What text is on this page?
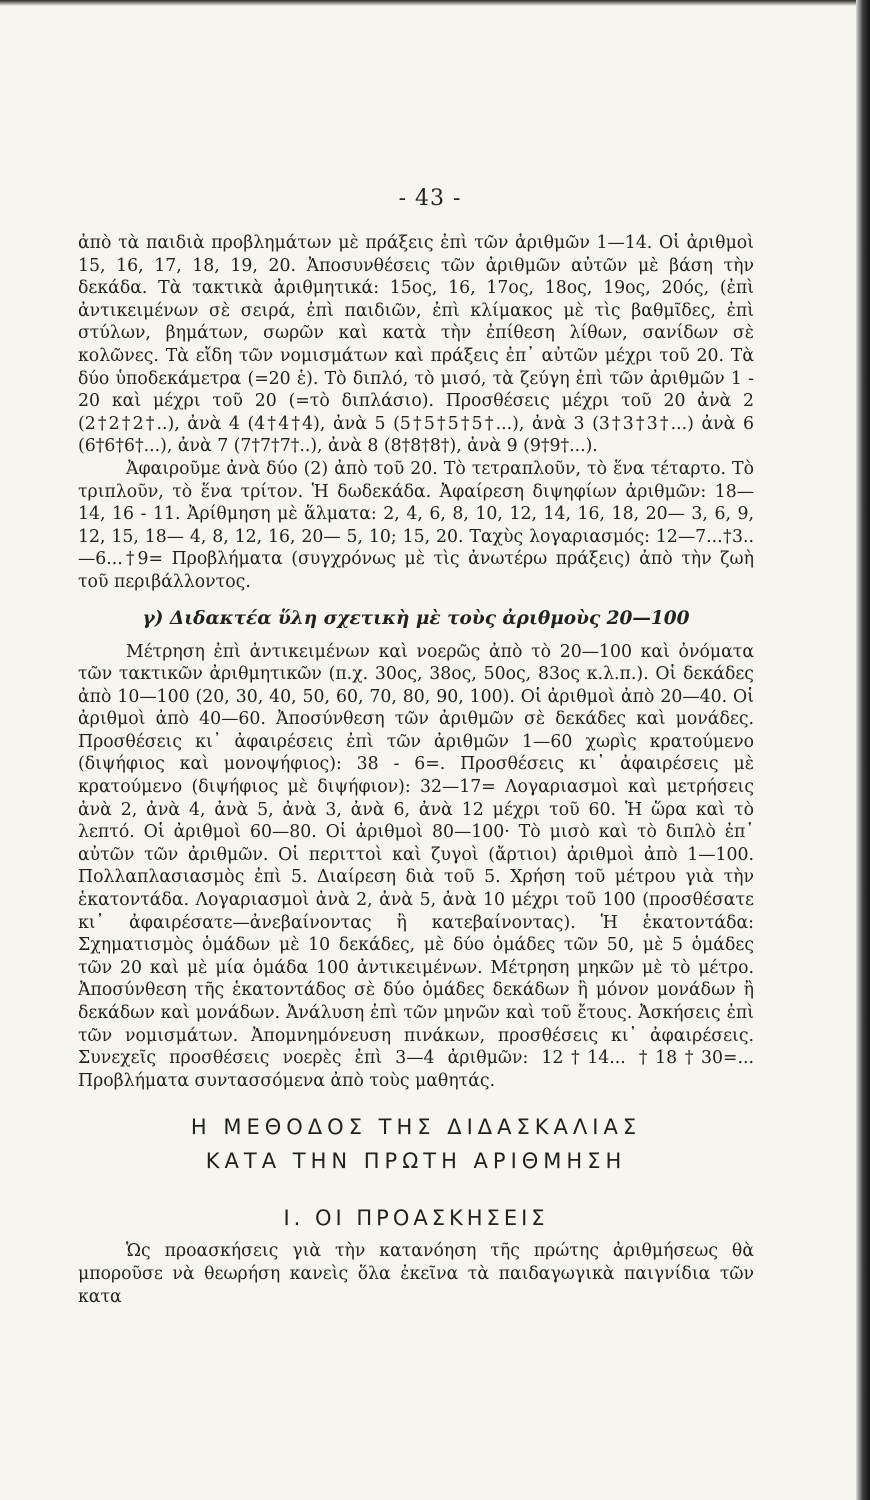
- 43 -

ἀπὸ τὰ παιδιὰ προβλημάτων μὲ πράξεις ἐπὶ τῶν ἀριθμῶν 1—14. Οἱ ἀριθμοὶ 15, 16, 17, 18, 19, 20. Ἀποσυνθέσεις τῶν ἀριθμῶν αὐτῶν μὲ βάση τὴν δεκάδα. Τὰ τακτικὰ ἀριθμητικά: 15ος, 16, 17ος, 18ος, 19ος, 20ός, (ἐπὶ ἀντικειμένων σὲ σειρά, ἐπὶ παιδιῶν, ἐπὶ κλίμακος μὲ τὶς βαθμῖδες, ἐπὶ στύλων, βημάτων, σωρῶν καὶ κατὰ τὴν ἐπίθεση λίθων, σανίδων σὲ κολῶνες. Τὰ εἴδη τῶν νομισμάτων καὶ πράξεις ἐπ᾿ αὐτῶν μέχρι τοῦ 20. Τὰ δύο ὑποδεκάμετρα (=20 ἑ). Τὸ διπλό, τὸ μισό, τὰ ζεύγη ἐπὶ τῶν ἀριθμῶν 1 - 20 καὶ μέχρι τοῦ 20 (=τὸ διπλάσιο). Προσθέσεις μέχρι τοῦ 20 ἀνὰ 2 (2†2†2†..), ἀνὰ 4 (4†4†4), ἀνὰ 5 (5†5†5†5†...), ἀνὰ 3 (3†3†3†...) ἀνὰ 6 (6†6†6†...), ἀνὰ 7 (7†7†7†..), ἀνὰ 8 (8†8†8†), ἀνὰ 9 (9†9†...).

Ἀφαιροῦμε ἀνὰ δύο (2) ἀπὸ τοῦ 20. Τὸ τετραπλοῦν, τὸ ἕνα τέταρτο. Τὸ τριπλοῦν, τὸ ἕνα τρίτον. Ἡ δωδεκάδα. Ἀφαίρεση διψηφίων ἀριθμῶν: 18—14, 16 - 11. Ἀρίθμηση μὲ ἅλματα: 2, 4, 6, 8, 10, 12, 14, 16, 18, 20— 3, 6, 9, 12, 15, 18— 4, 8, 12, 16, 20— 5, 10; 15, 20. Ταχὺς λογαριασμός: 12—7...†3.. —6...†9= Προβλήματα (συγχρόνως μὲ τὶς ἀνωτέρω πράξεις) ἀπὸ τὴν ζωὴ τοῦ περιβάλλοντος.

γ) Διδακτέα ὕλη σχετικὴ μὲ τοὺς ἀριθμοὺς 20—100

Μέτρηση ἐπὶ ἀντικειμένων καὶ νοερῶς ἀπὸ τὸ 20—100 καὶ ὀνόματα τῶν τακτικῶν ἀριθμητικῶν (π.χ. 30ος, 38ος, 50ος, 83ος κ.λ.π.). Οἱ δεκάδες ἀπὸ 10—100 (20, 30, 40, 50, 60, 70, 80, 90, 100). Οἱ ἀριθμοὶ ἀπὸ 20—40. Οἱ ἀριθμοὶ ἀπὸ 40—60. Ἀποσύνθεση τῶν ἀριθμῶν σὲ δεκάδες καὶ μονάδες. Προσθέσεις κι᾿ ἀφαιρέσεις ἐπὶ τῶν ἀριθμῶν 1—60 χωρὶς κρατούμενο (διψήφιος καὶ μονοψήφιος): 38 - 6=. Προσθέσεις κι᾿ ἀφαιρέσεις μὲ κρατούμενο (διψήφιος μὲ διψήφιον): 32—17= Λογαριασμοὶ καὶ μετρήσεις ἀνὰ 2, ἀνὰ 4, ἀνὰ 5, ἀνὰ 3, ἀνὰ 6, ἀνὰ 12 μέχρι τοῦ 60. Ἡ ὥρα καὶ τὸ λεπτό. Οἱ ἀριθμοὶ 60—80. Οἱ ἀριθμοὶ 80—100· Τὸ μισὸ καὶ τὸ διπλὸ ἐπ᾿ αὐτῶν τῶν ἀριθμῶν. Οἱ περιττοὶ καὶ ζυγοὶ (ἄρτιοι) ἀριθμοὶ ἀπὸ 1—100. Πολλαπλασιασμὸς ἐπὶ 5. Διαίρεση διὰ τοῦ 5. Χρήση τοῦ μέτρου γιὰ τὴν ἑκατοντάδα. Λογαριασμοὶ ἀνὰ 2, ἀνὰ 5, ἀνὰ 10 μέχρι τοῦ 100 (προσθέσατε κι᾿ ἀφαιρέσατε—ἀνεβαίνοντας ἢ κατεβαίνοντας). Ἡ ἑκατοντάδα: Σχηματισμὸς ὁμάδων μὲ 10 δεκάδες, μὲ δύο ὁμάδες τῶν 50, μὲ 5 ὁμάδες τῶν 20 καὶ μὲ μία ὁμάδα 100 ἀντικειμένων. Μέτρηση μηκῶν μὲ τὸ μέτρο. Ἀποσύνθεση τῆς ἑκατοντάδος σὲ δύο ὁμάδες δεκάδων ἢ μόνον μονάδων ἢ δεκάδων καὶ μονάδων. Ἀνάλυση ἐπὶ τῶν μηνῶν καὶ τοῦ ἔτους. Ἀσκήσεις ἐπὶ τῶν νομισμάτων. Ἀπομνημόνευση πινάκων, προσθέσεις κι᾿ ἀφαιρέσεις. Συνεχεῖς προσθέσεις νοερὲς ἐπὶ 3—4 ἀριθμῶν: 12†14... †18†30=... Προβλήματα συντασσόμενα ἀπὸ τοὺς μαθητάς.

Η ΜΕΘΟΔΟΣ ΤΗΣ ΔΙΔΑΣΚΑΛΙΑΣ
ΚΑΤΑ ΤΗΝ ΠΡΩΤΗ ΑΡΙΘΜΗΣΗ
Ι. ΟΙ ΠΡΟΑΣΚΗΣΕΙΣ

Ὡς προασκήσεις γιὰ τὴν κατανόηση τῆς πρώτης ἀριθμήσεως θὰ μποροῦσε νὰ θεωρήση κανεὶς ὅλα ἐκεῖνα τὰ παιδαγωγικὰ παιγνίδια τῶν κατα
